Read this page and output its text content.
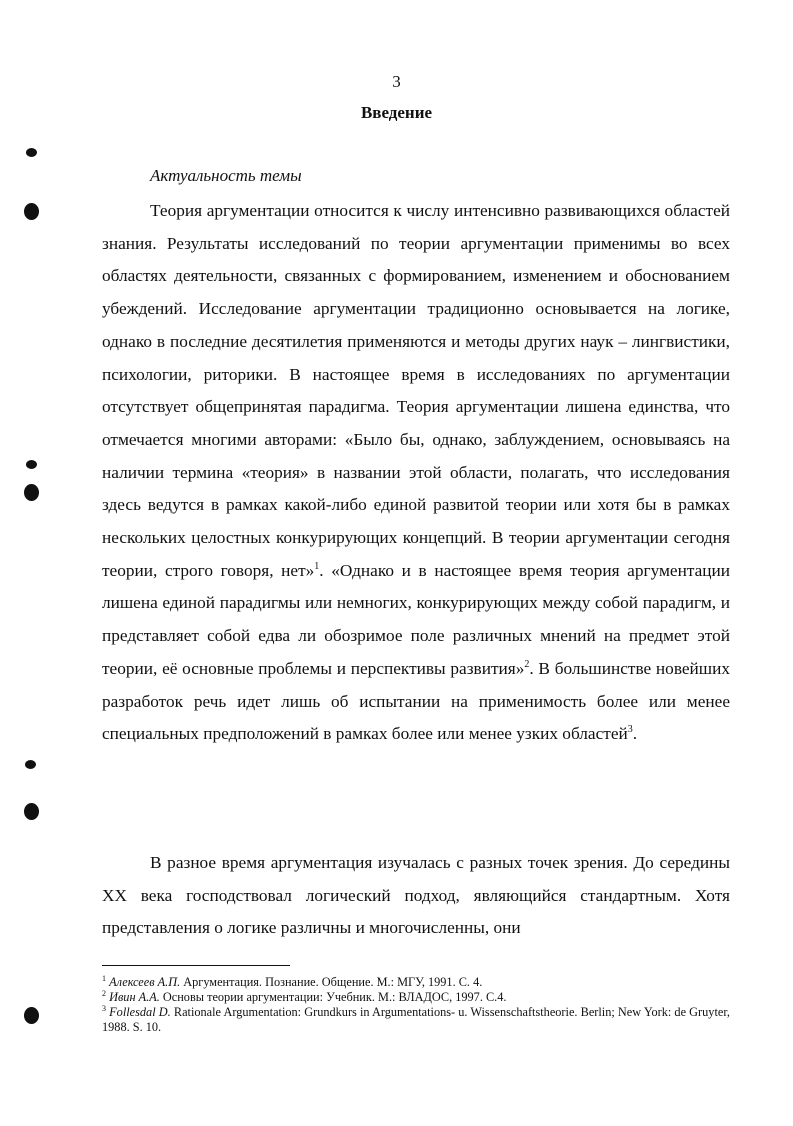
3
Введение
Актуальность темы

Теория аргументации относится к числу интенсивно развивающихся областей знания. Результаты исследований по теории аргументации применимы во всех областях деятельности, связанных с формированием, изменением и обоснованием убеждений. Исследование аргументации традиционно основывается на логике, однако в последние десятилетия применяются и методы других наук – лингвистики, психологии, риторики. В настоящее время в исследованиях по аргументации отсутствует общепринятая парадигма. Теория аргументации лишена единства, что отмечается многими авторами: «Было бы, однако, заблуждением, основываясь на наличии термина «теория» в названии этой области, полагать, что исследования здесь ведутся в рамках какой-либо единой развитой теории или хотя бы в рамках нескольких целостных конкурирующих концепций. В теории аргументации сегодня теории, строго говоря, нет»$^1$. «Однако и в настоящее время теория аргументации лишена единой парадигмы или немногих, конкурирующих между собой парадигм, и представляет собой едва ли обозримое поле различных мнений на предмет этой теории, её основные проблемы и перспективы развития»$^2$. В большинстве новейших разработок речь идет лишь об испытании на применимость более или менее специальных предположений в рамках более или менее узких областей$^3$.

В разное время аргументация изучалась с разных точек зрения. До середины XX века господствовал логический подход, являющийся стандартным. Хотя представления о логике различны и многочисленны, они

$^1$ Алексеев А.П. Аргументация. Познание. Общение. М.: МГУ, 1991. С. 4.
$^2$ Ивин А.А. Основы теории аргументации: Учебник. М.: ВЛАДОС, 1997. С.4.
$^3$ Follesdal D. Rationale Argumentation: Grundkurs in Argumentations- u. Wissenschaftstheorie. Berlin; New York: de Gruyter, 1988. S. 10.
